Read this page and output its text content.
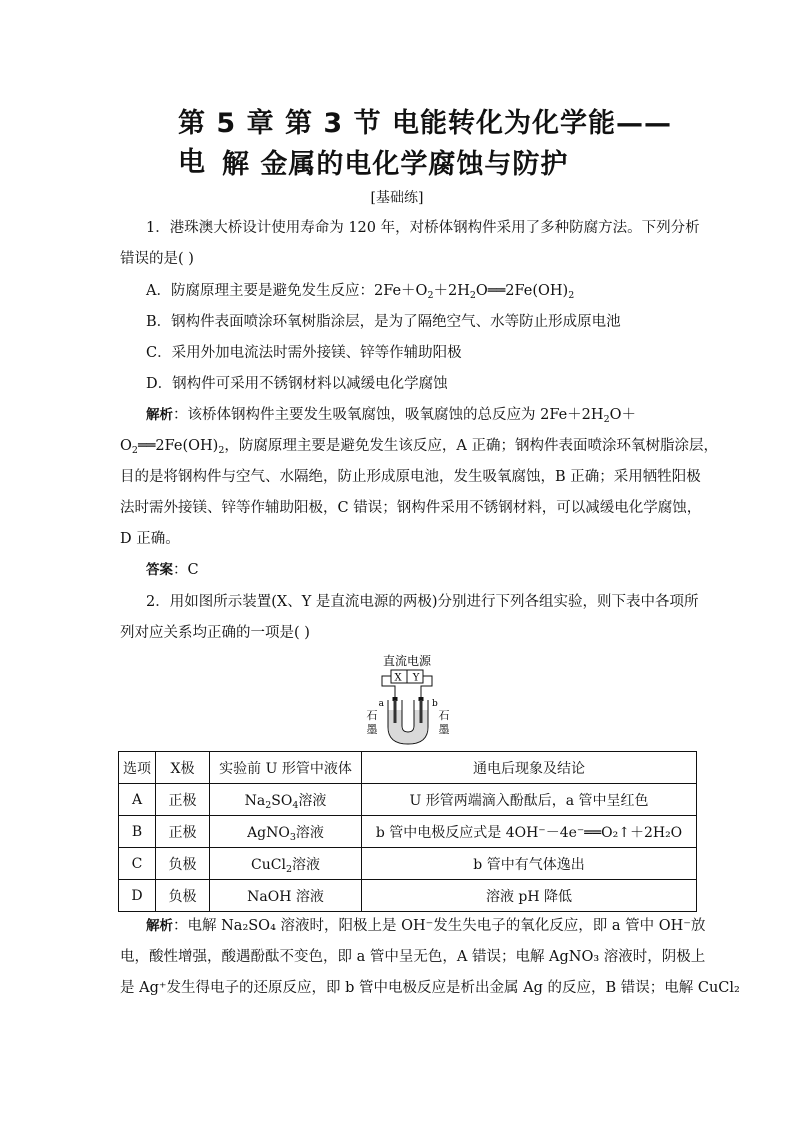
第 5 章 第 3 节 电能转化为化学能——电 解 金属的电化学腐蚀与防护
[基础练]
1．港珠澳大桥设计使用寿命为 120 年，对桥体钢构件采用了多种防腐方法。下列分析
错误的是( )
A．防腐原理主要是避免发生反应：$2Fe+O_2+2H_2O══2Fe(OH)_2$
B．钢构件表面喷涂环氧树脂涂层，是为了隔绝空气、水等防止形成原电池
C．采用外加电流法时需外接镁、锌等作辅助阳极
D．钢构件可采用不锈钢材料以减缓电化学腐蚀
解析：该桥体钢构件主要发生吸氧腐蚀，吸氧腐蚀的总反应为 $2Fe+2H_2O+$
$O_2══2Fe(OH)_2$，防腐原理主要是避免发生该反应，A 正确；钢构件表面喷涂环氧树脂涂层，
目的是将钢构件与空气、水隔绝，防止形成原电池，发生吸氧腐蚀，B 正确；采用牺牲阳极
法时需外接镁、锌等作辅助阳极，C 错误；钢构件采用不锈钢材料，可以减缓电化学腐蚀，
D 正确。
答案：C
2．用如图所示装置(X、Y 是直流电源的两极)分别进行下列各组实验，则下表中各项所
列对应关系均正确的一项是( )
直流电源
X Y
a	b
石
墨
石
墨
选项	X极	实验前 U 形管中液体	通电后现象及结论
A	正极	$Na_2SO_4$溶液	U 形管两端滴入酚酞后，a 管中呈红色
B	正极	AgNO$_3$溶液	b 管中电极反应式是 4OH⁻－4e⁻══O₂↑＋2H₂O
C	负极	CuCl$_2$溶液	b 管中有气体逸出
D	负极	NaOH 溶液	溶液 pH 降低
解析：电解 Na₂SO₄ 溶液时，阳极上是 OH⁻发生失电子的氧化反应，即 a 管中 OH⁻放
电，酸性增强，酸遇酚酞不变色，即 a 管中呈无色，A 错误；电解 AgNO₃ 溶液时，阴极上
是 Ag⁺发生得电子的还原反应，即 b 管中电极反应是析出金属 Ag 的反应，B 错误；电解 CuCl₂
